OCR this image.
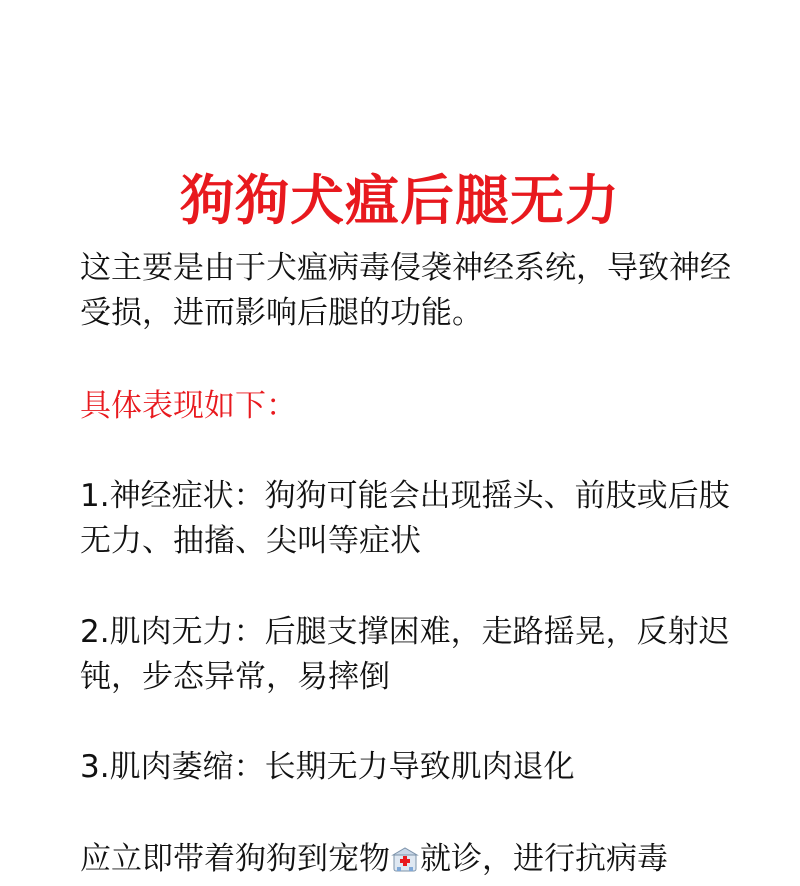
狗狗犬瘟后腿无力

这主要是由于犬瘟病毒侵袭神经系统，导致神经受损，进而影响后腿的功能。

具体表现如下：

1.神经症状：狗狗可能会出现摇头、前肢或后肢无力、抽搐、尖叫等症状

2.肌肉无力：后腿支撑困难，走路摇晃，反射迟钝，步态异常，易摔倒

3.肌肉萎缩：长期无力导致肌肉退化

应立即带着狗狗到宠物 就诊，进行抗病毒
